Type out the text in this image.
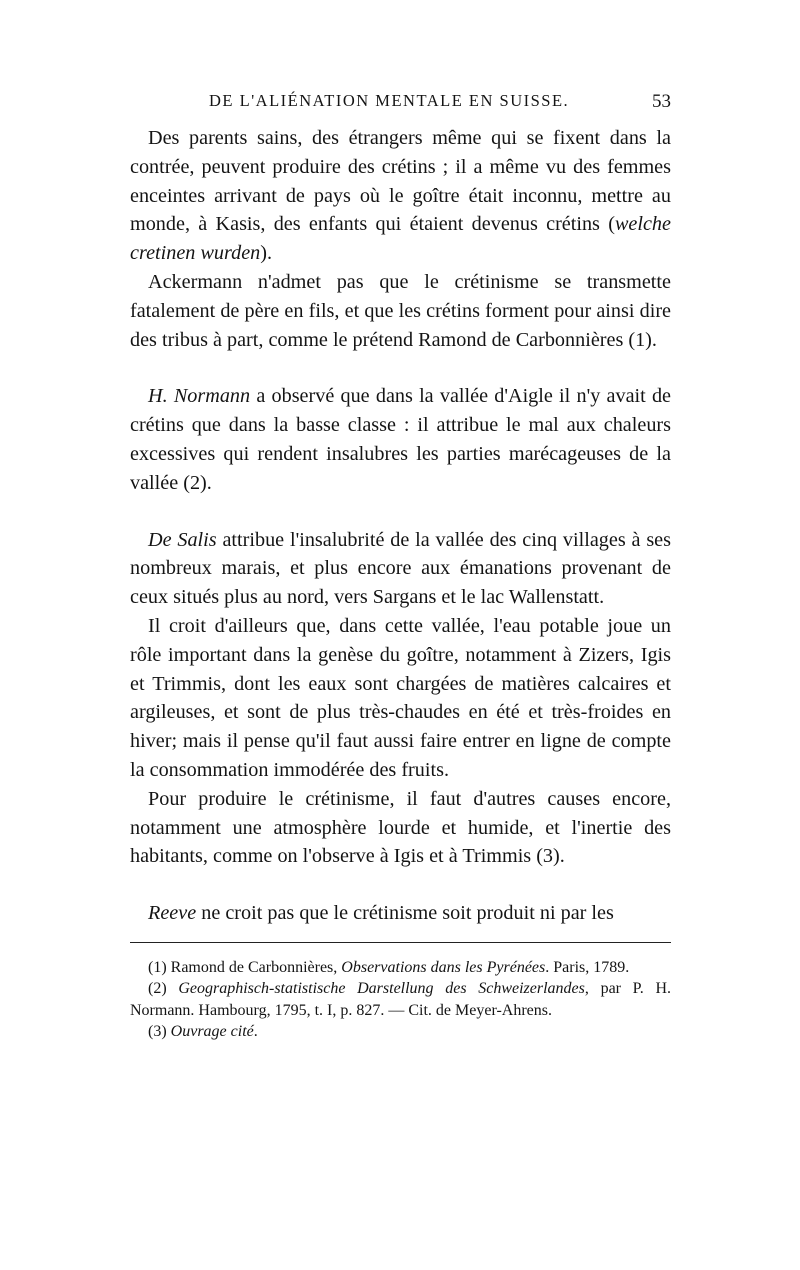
DE L'ALIÉNATION MENTALE EN SUISSE.	53

Des parents sains, des étrangers même qui se fixent dans la contrée, peuvent produire des crétins ; il a même vu des femmes enceintes arrivant de pays où le goître était inconnu, mettre au monde, à Kasis, des enfants qui étaient devenus crétins (welche cretinen wurden).

Ackermann n'admet pas que le crétinisme se transmette fatalement de père en fils, et que les crétins forment pour ainsi dire des tribus à part, comme le prétend Ramond de Carbonnières (1).

H. Normann a observé que dans la vallée d'Aigle il n'y avait de crétins que dans la basse classe : il attribue le mal aux chaleurs excessives qui rendent insalubres les parties marécageuses de la vallée (2).

De Salis attribue l'insalubrité de la vallée des cinq villages à ses nombreux marais, et plus encore aux émanations provenant de ceux situés plus au nord, vers Sargans et le lac Wallenstatt.

Il croit d'ailleurs que, dans cette vallée, l'eau potable joue un rôle important dans la genèse du goître, notamment à Zizers, Igis et Trimmis, dont les eaux sont chargées de matières calcaires et argileuses, et sont de plus très-chaudes en été et très-froides en hiver; mais il pense qu'il faut aussi faire entrer en ligne de compte la consommation immodérée des fruits.

Pour produire le crétinisme, il faut d'autres causes encore, notamment une atmosphère lourde et humide, et l'inertie des habitants, comme on l'observe à Igis et à Trimmis (3).

Reeve ne croit pas que le crétinisme soit produit ni par les

(1) Ramond de Carbonnières, Observations dans les Pyrénées. Paris, 1789.

(2) Geographisch-statistische Darstellung des Schweizerlandes, par P. H. Normann. Hambourg, 1795, t. I, p. 827. — Cit. de Meyer-Ahrens.

(3) Ouvrage cité.
